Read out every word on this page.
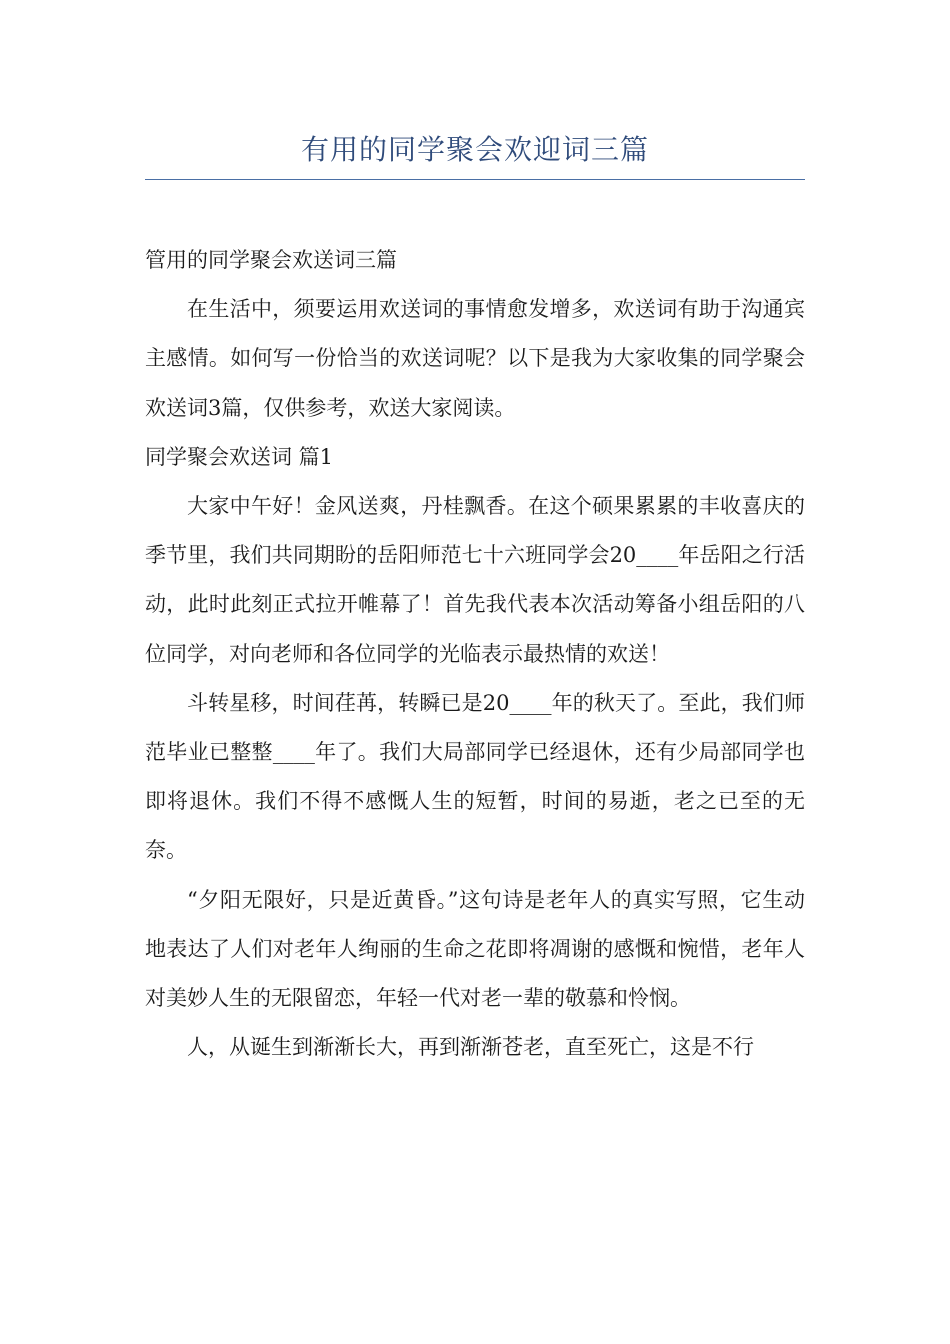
有用的同学聚会欢迎词三篇

管用的同学聚会欢送词三篇

在生活中，须要运用欢送词的事情愈发增多，欢送词有助于沟通宾主感情。如何写一份恰当的欢送词呢？以下是我为大家收集的同学聚会欢送词3篇，仅供参考，欢送大家阅读。

同学聚会欢送词 篇1

大家中午好！金风送爽，丹桂飘香。在这个硕果累累的丰收喜庆的季节里，我们共同期盼的岳阳师范七十六班同学会20____年岳阳之行活动，此时此刻正式拉开帷幕了！首先我代表本次活动筹备小组岳阳的八位同学，对向老师和各位同学的光临表示最热情的欢送！

斗转星移，时间荏苒，转瞬已是20____年的秋天了。至此，我们师范毕业已整整____年了。我们大局部同学已经退休，还有少局部同学也即将退休。我们不得不感慨人生的短暂，时间的易逝，老之已至的无奈。

“夕阳无限好，只是近黄昏。”这句诗是老年人的真实写照，它生动地表达了人们对老年人绚丽的生命之花即将凋谢的感慨和惋惜，老年人对美妙人生的无限留恋，年轻一代对老一辈的敬慕和怜悯。

人，从诞生到渐渐长大，再到渐渐苍老，直至死亡，这是不行
